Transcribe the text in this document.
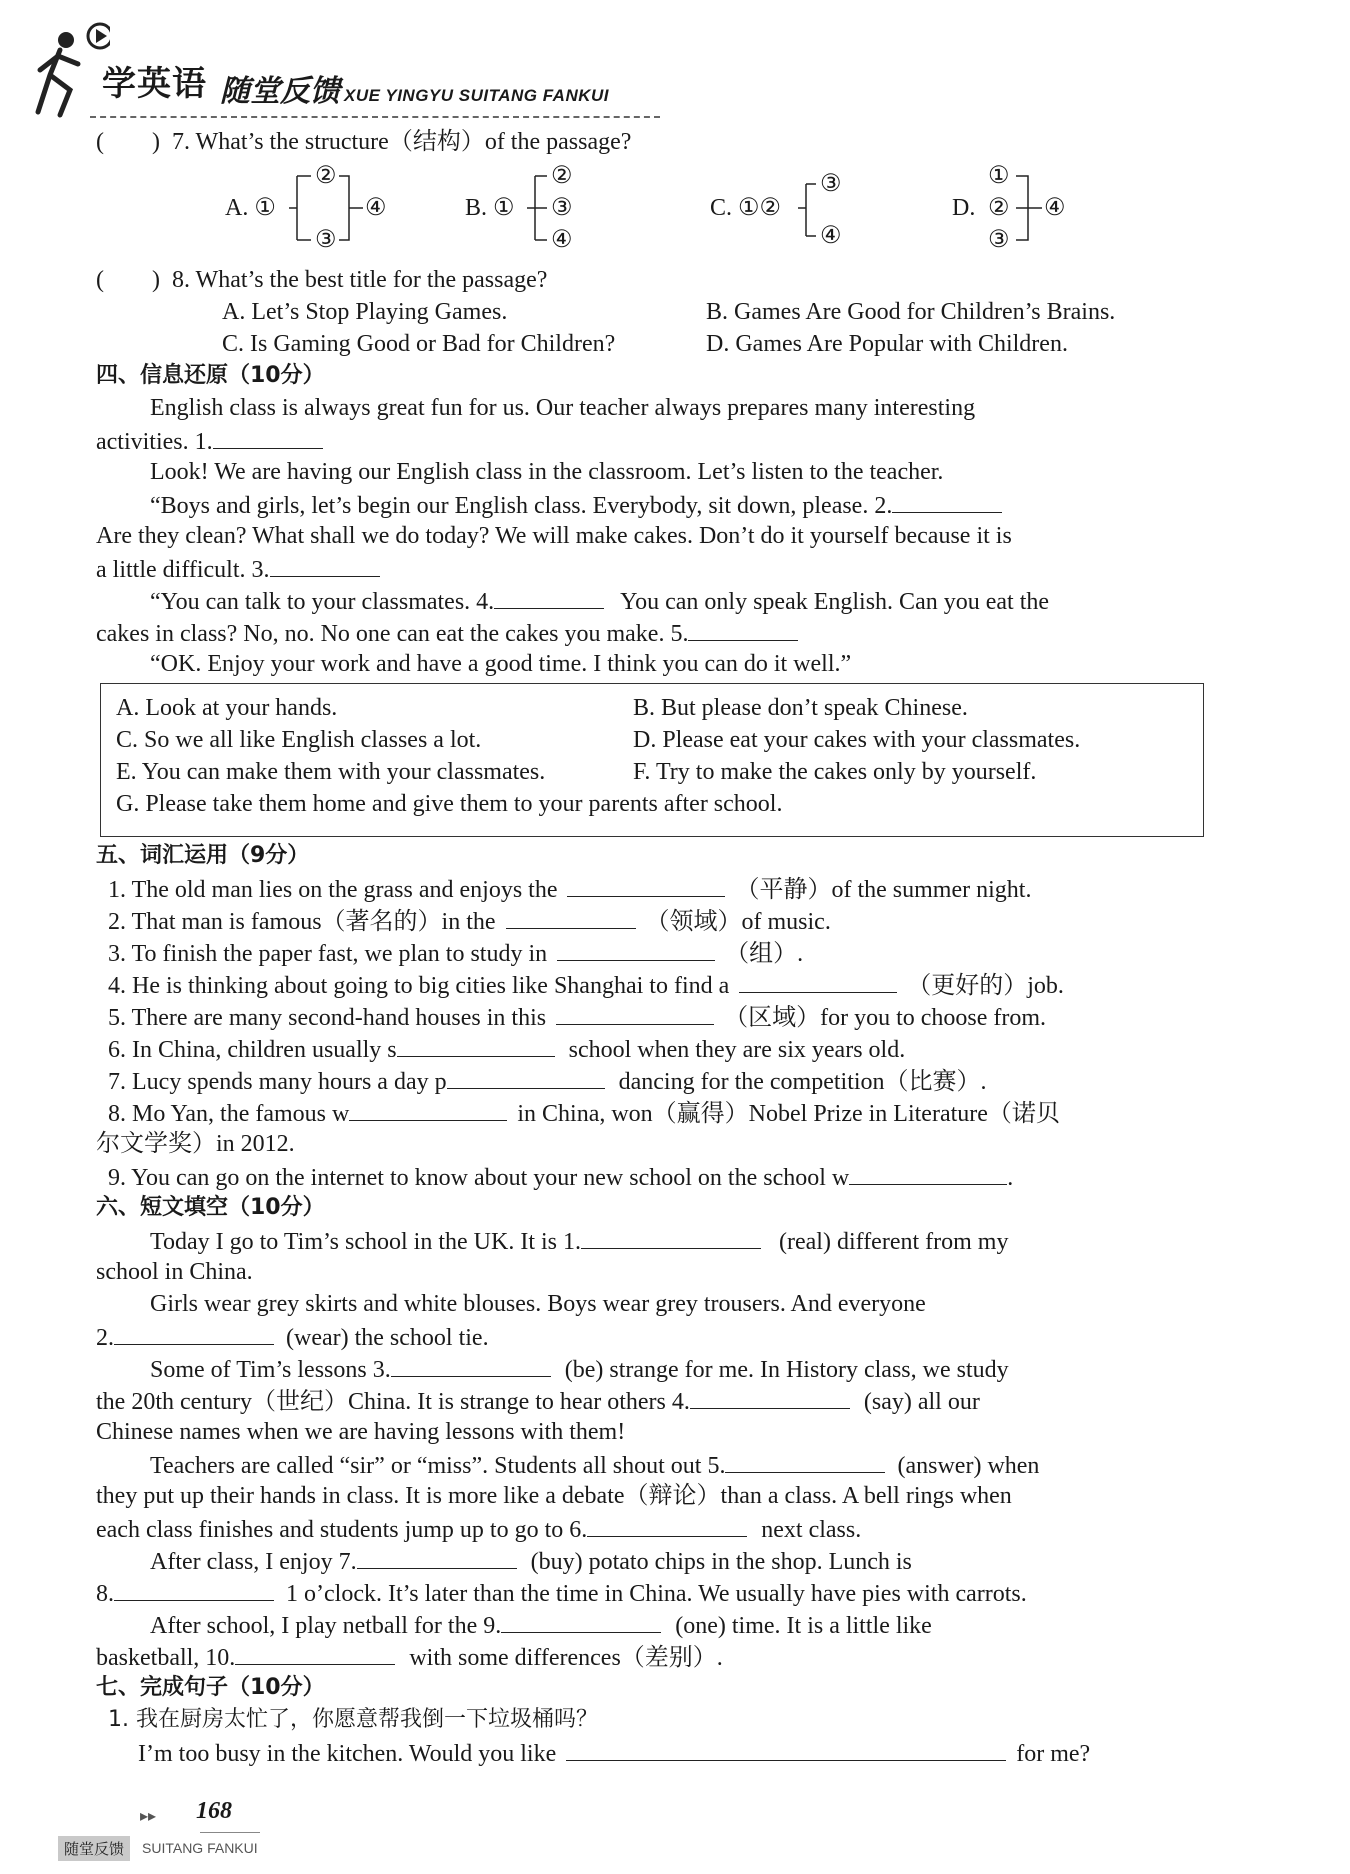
学英语 随堂反馈 XUE YINGYU SUITANG FANKUI
(　　) 7. What’s the structure（结构）of the passage?
A. ①
②
③
④	B. ①
②
③
④
C. ①②
③
④
D.
①
②
③
④
(　　) 8. What’s the best title for the passage?
A. Let’s Stop Playing Games.	B. Games Are Good for Children’s Brains.
C. Is Gaming Good or Bad for Children?	D. Games Are Popular with Children.
四、信息还原（10分）
English class is always great fun for us. Our teacher always prepares many interesting
activities. 1.
Look! We are having our English class in the classroom. Let’s listen to the teacher.
“Boys and girls, let’s begin our English class. Everybody, sit down, please. 2.
Are they clean? What shall we do today? We will make cakes. Don’t do it yourself because it is
a little difficult. 3.
“You can talk to your classmates. 4.	You can only speak English. Can you eat the
cakes in class? No, no. No one can eat the cakes you make. 5.
“OK. Enjoy your work and have a good time. I think you can do it well.”
A. Look at your hands.	B. But please don’t speak Chinese.
C. So we all like English classes a lot.	D. Please eat your cakes with your classmates.
E. You can make them with your classmates.	F. Try to make the cakes only by yourself.
G. Please take them home and give them to your parents after school.
五、词汇运用（9分）
1. The old man lies on the grass and enjoys the	（平静）of the summer night.
2. That man is famous（著名的）in the	（领域）of music.
3. To finish the paper fast, we plan to study in	（组）.
4. He is thinking about going to big cities like Shanghai to find a	（更好的）job.
5. There are many second-hand houses in this	（区域）for you to choose from.
6. In China, children usually s	school when they are six years old.
7. Lucy spends many hours a day p	dancing for the competition（比赛）.
8. Mo Yan, the famous w	in China, won（赢得）Nobel Prize in Literature（诺贝
尔文学奖）in 2012.
9. You can go on the internet to know about your new school on the school w	.
六、短文填空（10分）
Today I go to Tim’s school in the UK. It is 1.	(real) different from my
school in China.
Girls wear grey skirts and white blouses. Boys wear grey trousers. And everyone
2.	(wear) the school tie.
Some of Tim’s lessons 3.	(be) strange for me. In History class, we study
the 20th century（世纪）China. It is strange to hear others 4.	(say) all our
Chinese names when we are having lessons with them!
Teachers are called “sir” or “miss”. Students all shout out 5.	(answer) when
they put up their hands in class. It is more like a debate（辩论）than a class. A bell rings when
each class finishes and students jump up to go to 6.	next class.
After class, I enjoy 7.	(buy) potato chips in the shop. Lunch is
8.	1 o’clock. It’s later than the time in China. We usually have pies with carrots.
After school, I play netball for the 9.	(one) time. It is a little like
basketball, 10.	with some differences（差别）.
七、完成句子（10分）
1. 我在厨房太忙了，你愿意帮我倒一下垃圾桶吗？
I’m too busy in the kitchen. Would you like	for me?
▸▸ 168
随堂反馈	SUITANG FANKUI
